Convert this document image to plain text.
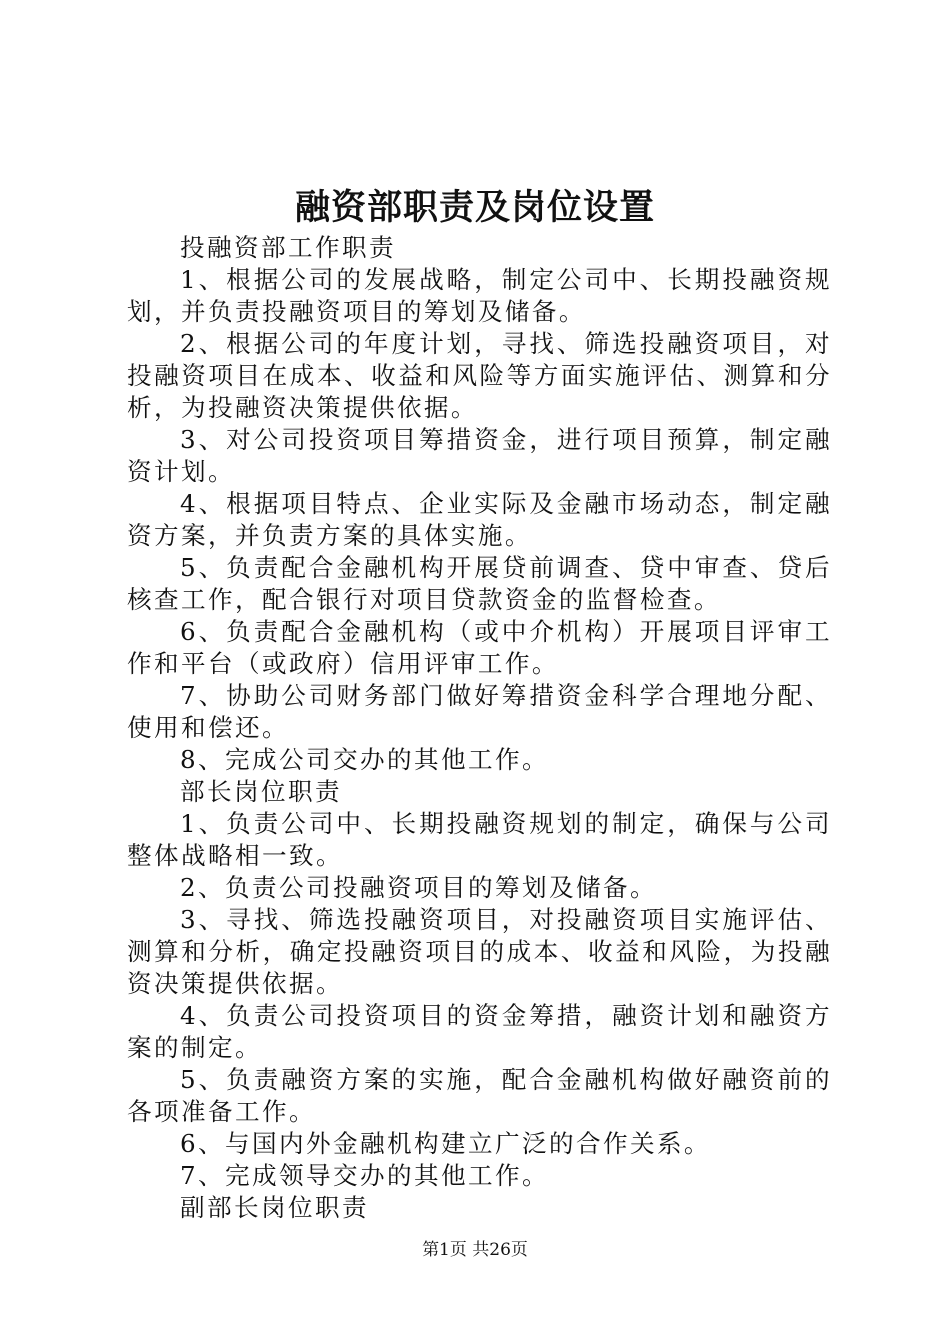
融资部职责及岗位设置

投融资部工作职责

1、根据公司的发展战略，制定公司中、长期投融资规划，并负责投融资项目的筹划及储备。

2、根据公司的年度计划，寻找、筛选投融资项目，对投融资项目在成本、收益和风险等方面实施评估、测算和分析，为投融资决策提供依据。

3、对公司投资项目筹措资金，进行项目预算，制定融资计划。

4、根据项目特点、企业实际及金融市场动态，制定融资方案，并负责方案的具体实施。

5、负责配合金融机构开展贷前调查、贷中审查、贷后核查工作，配合银行对项目贷款资金的监督检查。

6、负责配合金融机构（或中介机构）开展项目评审工作和平台（或政府）信用评审工作。

7、协助公司财务部门做好筹措资金科学合理地分配、使用和偿还。

8、完成公司交办的其他工作。

部长岗位职责

1、负责公司中、长期投融资规划的制定，确保与公司整体战略相一致。

2、负责公司投融资项目的筹划及储备。

3、寻找、筛选投融资项目，对投融资项目实施评估、测算和分析，确定投融资项目的成本、收益和风险，为投融资决策提供依据。

4、负责公司投资项目的资金筹措，融资计划和融资方案的制定。

5、负责融资方案的实施，配合金融机构做好融资前的各项准备工作。

6、与国内外金融机构建立广泛的合作关系。

7、完成领导交办的其他工作。

副部长岗位职责

第1页 共26页
